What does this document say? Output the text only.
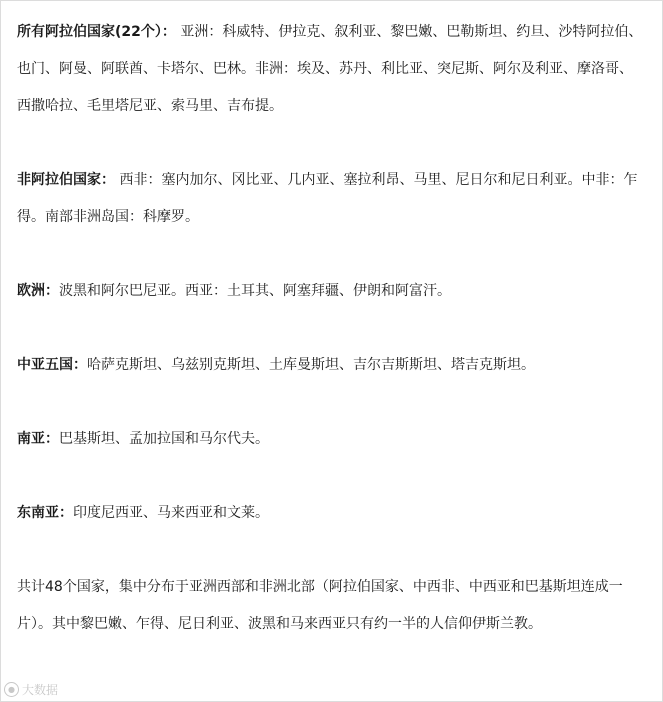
所有阿拉伯国家(22个）： 亚洲：科威特、伊拉克、叙利亚、黎巴嫩、巴勒斯坦、约旦、沙特阿拉伯、也门、阿曼、阿联酋、卡塔尔、巴林。非洲：埃及、苏丹、利比亚、突尼斯、阿尔及利亚、摩洛哥、西撒哈拉、毛里塔尼亚、索马里、吉布提。

非阿拉伯国家： 西非：塞内加尔、冈比亚、几内亚、塞拉利昂、马里、尼日尔和尼日利亚。中非：乍得。南部非洲岛国：科摩罗。

欧洲：波黑和阿尔巴尼亚。西亚：土耳其、阿塞拜疆、伊朗和阿富汗。

中亚五国：哈萨克斯坦、乌兹别克斯坦、土库曼斯坦、吉尔吉斯斯坦、塔吉克斯坦。

南亚：巴基斯坦、孟加拉国和马尔代夫。

东南亚：印度尼西亚、马来西亚和文莱。

共计48个国家，集中分布于亚洲西部和非洲北部（阿拉伯国家、中西非、中西亚和巴基斯坦连成一片）。其中黎巴嫩、乍得、尼日利亚、波黑和马来西亚只有约一半的人信仰伊斯兰教。

● 大数据
